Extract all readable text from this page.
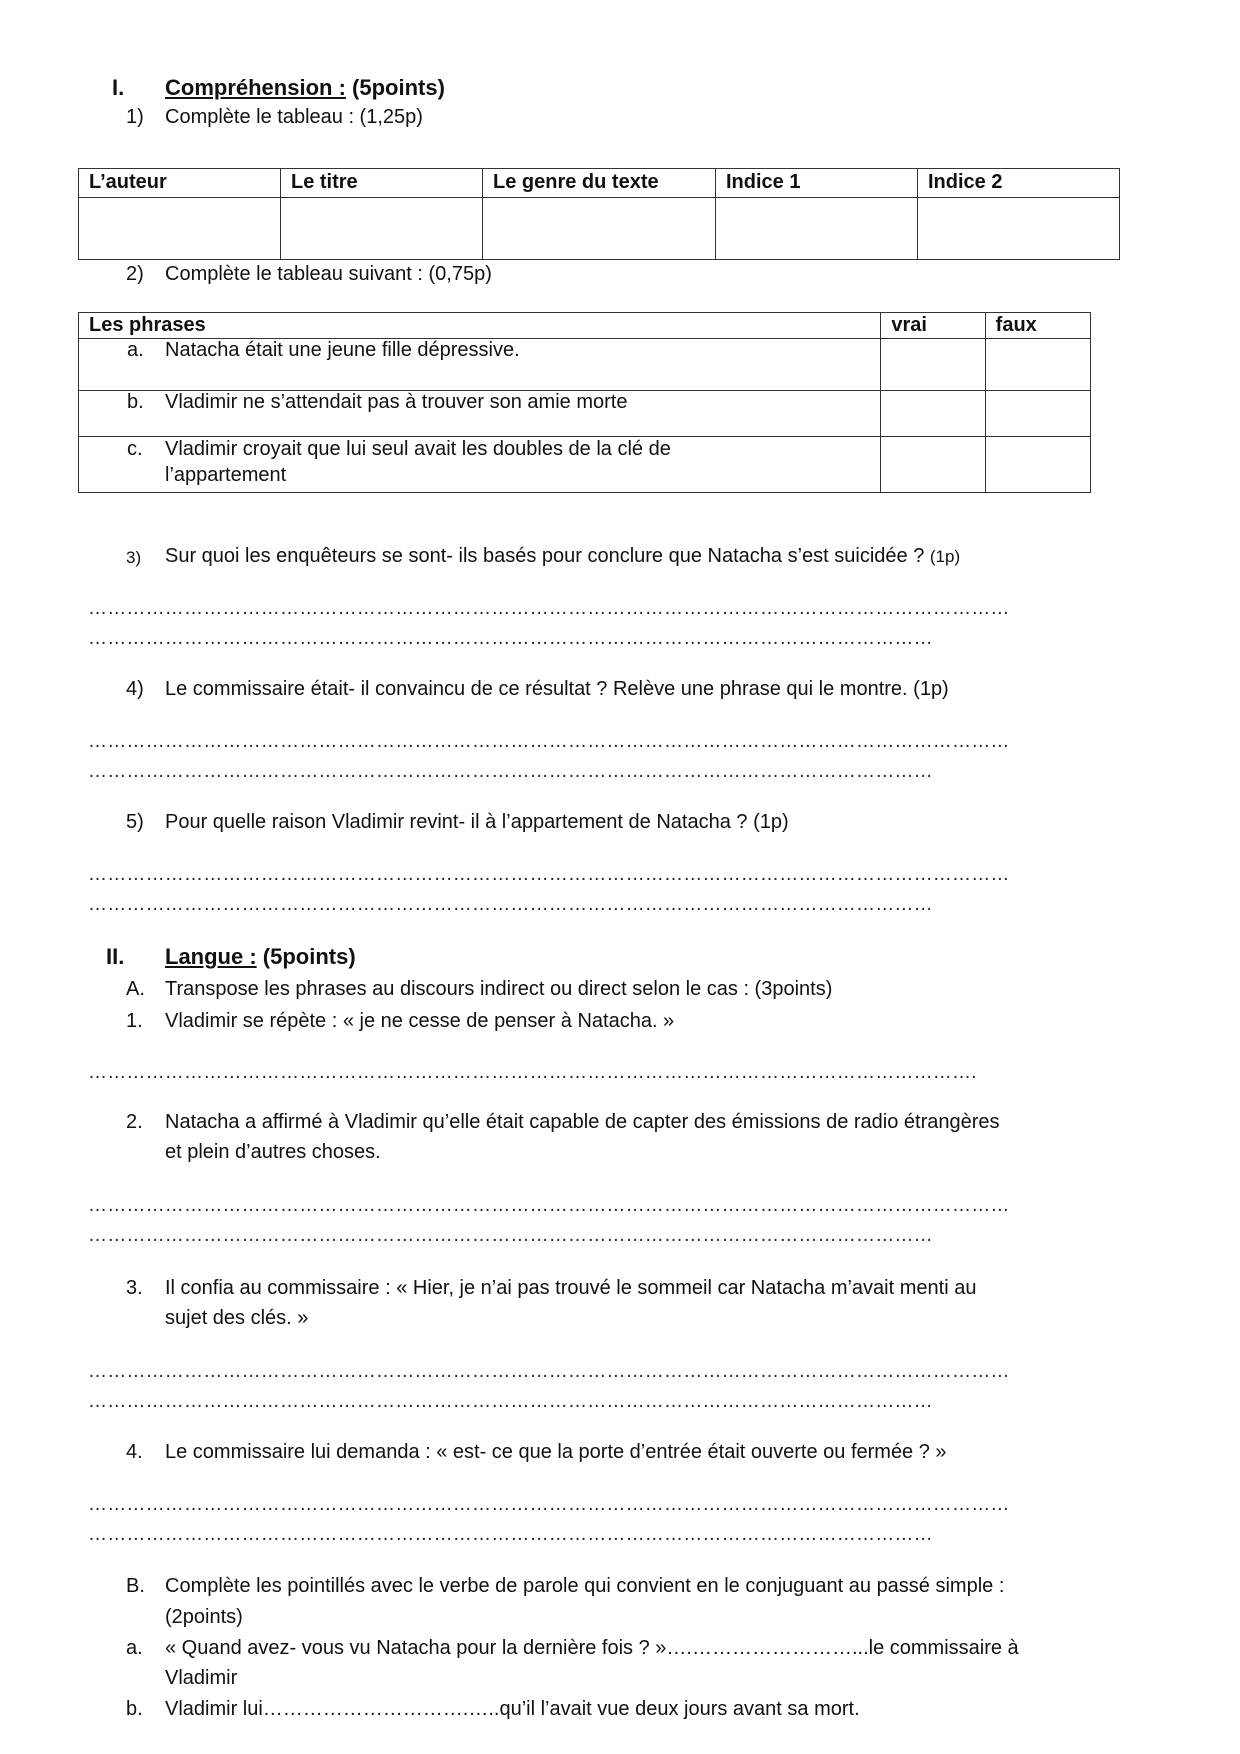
I. Compréhension : (5points)
1) Complète le tableau : (1,25p)
L’auteur	Le titre	Le genre du texte	Indice 1	Indice 2

2) Complète le tableau suivant : (0,75p)
Les phrases	vrai	faux

a. Natacha était une jeune fille dépressive.		

b. Vladimir ne s’attendait pas à trouver son amie morte		

c. Vladimir croyait que lui seul avait les doubles de la clé de
l’appartement		

3) Sur quoi les enquêteurs se sont- ils basés pour conclure que Natacha s’est suicidée ? (1p)
………………………………………………………………………………………………………………………………
……………………………………………………………………………………………………………………
4) Le commissaire était- il convaincu de ce résultat ? Relève une phrase qui le montre. (1p)
………………………………………………………………………………………………………………………………
……………………………………………………………………………………………………………………
5) Pour quelle raison Vladimir revint- il à l’appartement de Natacha ? (1p)
………………………………………………………………………………………………………………………………
……………………………………………………………………………………………………………………
II. Langue : (5points)
A. Transpose les phrases au discours indirect ou direct selon le cas : (3points)
1. Vladimir se répète : « je ne cesse de penser à Natacha. »
………………………………………………………………………………………………………………………….
2. Natacha a affirmé à Vladimir qu’elle était capable de capter des émissions de radio étrangères
et plein d’autres choses.
………………………………………………………………………………………………………………………………
……………………………………………………………………………………………………………………
3. Il confia au commissaire : « Hier, je n’ai pas trouvé le sommeil car Natacha m’avait menti au
sujet des clés. »
………………………………………………………………………………………………………………………………
……………………………………………………………………………………………………………………
4. Le commissaire lui demanda : « est- ce que la porte d’entrée était ouverte ou fermée ? »
………………………………………………………………………………………………………………………………
……………………………………………………………………………………………………………………
B. Complète les pointillés avec le verbe de parole qui convient en le conjuguant au passé simple :
(2points)
a. « Quand avez- vous vu Natacha pour la dernière fois ? »….……………………...le commissaire à
Vladimir
b. Vladimir lui………………………….…..qu’il l’avait vue deux jours avant sa mort.
